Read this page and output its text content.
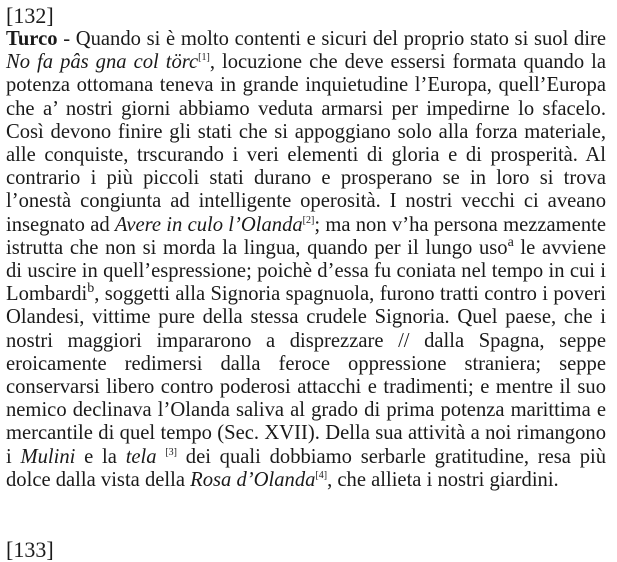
[132]

Turco - Quando si è molto contenti e sicuri del proprio stato si suol dire No fa pâs gna col törc[1], locuzione che deve essersi formata quando la potenza ottomana teneva in grande inquietudine l’Europa, quell’Europa che a’ nostri giorni abbiamo veduta armarsi per impedirne lo sfacelo. Così devono finire gli stati che si appoggiano solo alla forza materiale, alle conquiste, trscurando i veri elementi di gloria e di prosperità. Al contrario i più piccoli stati durano e prosperano se in loro si trova l’onestà congiunta ad intelligente operosità. I nostri vecchi ci aveano insegnato ad Avere in culo l’Olanda[2]; ma non v’ha persona mezzamente istrutta che non si morda la lingua, quando per il lungo uso$^a$ le avviene di uscire in quell’espressione; poichè d’essa fu coniata nel tempo in cui i Lombardi$^b$, soggetti alla Signoria spagnuola, furono tratti contro i poveri Olandesi, vittime pure della stessa crudele Signoria. Quel paese, che i nostri maggiori impararono a disprezzare // dalla Spagna, seppe eroicamente redimersi dalla feroce oppressione straniera; seppe conservarsi libero contro poderosi attacchi e tradimenti; e mentre il suo nemico declinava l’Olanda saliva al grado di prima potenza marittima e mercantile di quel tempo (Sec. XVII). Della sua attività a noi rimangono i Mulini e la tela [3] dei quali dobbiamo serbarle gratitudine, resa più dolce dalla vista della Rosa d’Olanda[4], che allieta i nostri giardini.

[133]
